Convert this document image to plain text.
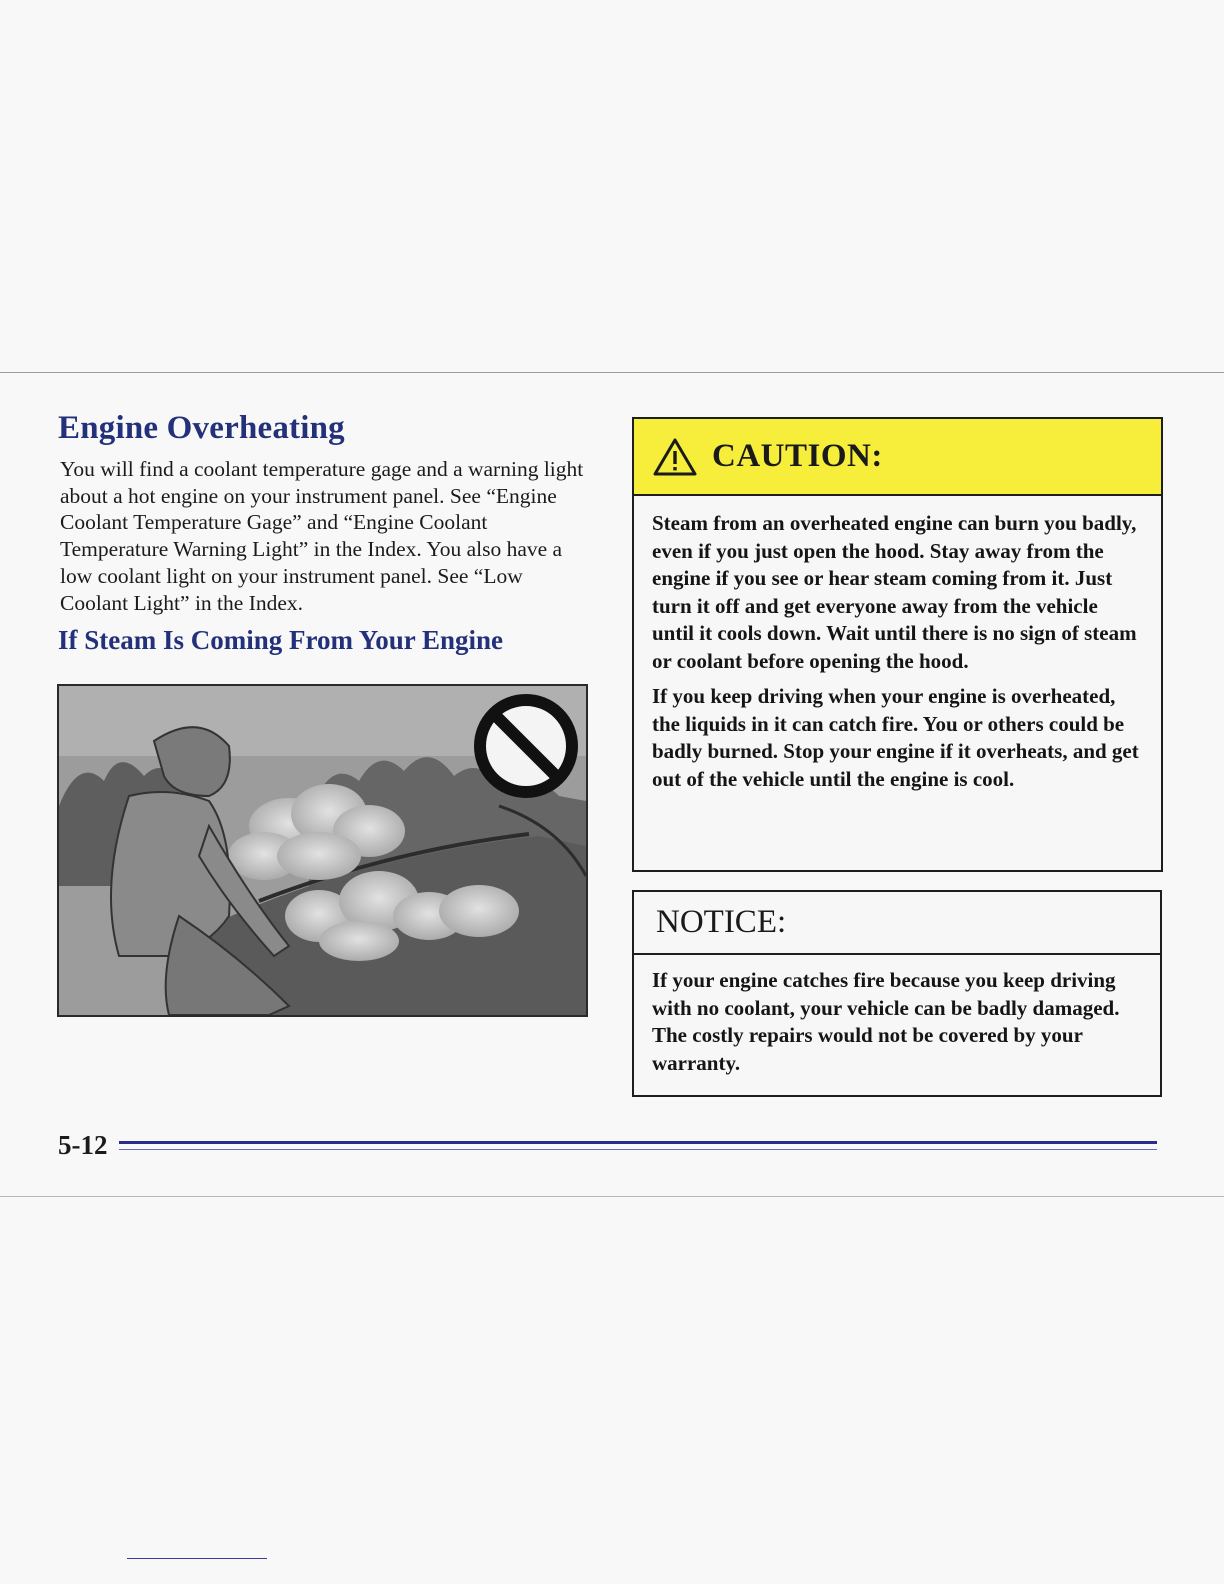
Engine Overheating

You will find a coolant temperature gage and a warning light about a hot engine on your instrument panel. See “Engine Coolant Temperature Gage” and “Engine Coolant Temperature Warning Light” in the Index. You also have a low coolant light on your instrument panel. See “Low Coolant Light” in the Index.

If Steam Is Coming From Your Engine
CAUTION:

Steam from an overheated engine can burn you badly, even if you just open the hood. Stay away from the engine if you see or hear steam coming from it. Just turn it off and get everyone away from the vehicle until it cools down. Wait until there is no sign of steam or coolant before opening the hood.

If you keep driving when your engine is overheated, the liquids in it can catch fire. You or others could be badly burned. Stop your engine if it overheats, and get out of the vehicle until the engine is cool.

NOTICE:

If your engine catches fire because you keep driving with no coolant, your vehicle can be badly damaged. The costly repairs would not be covered by your warranty.

5-12
